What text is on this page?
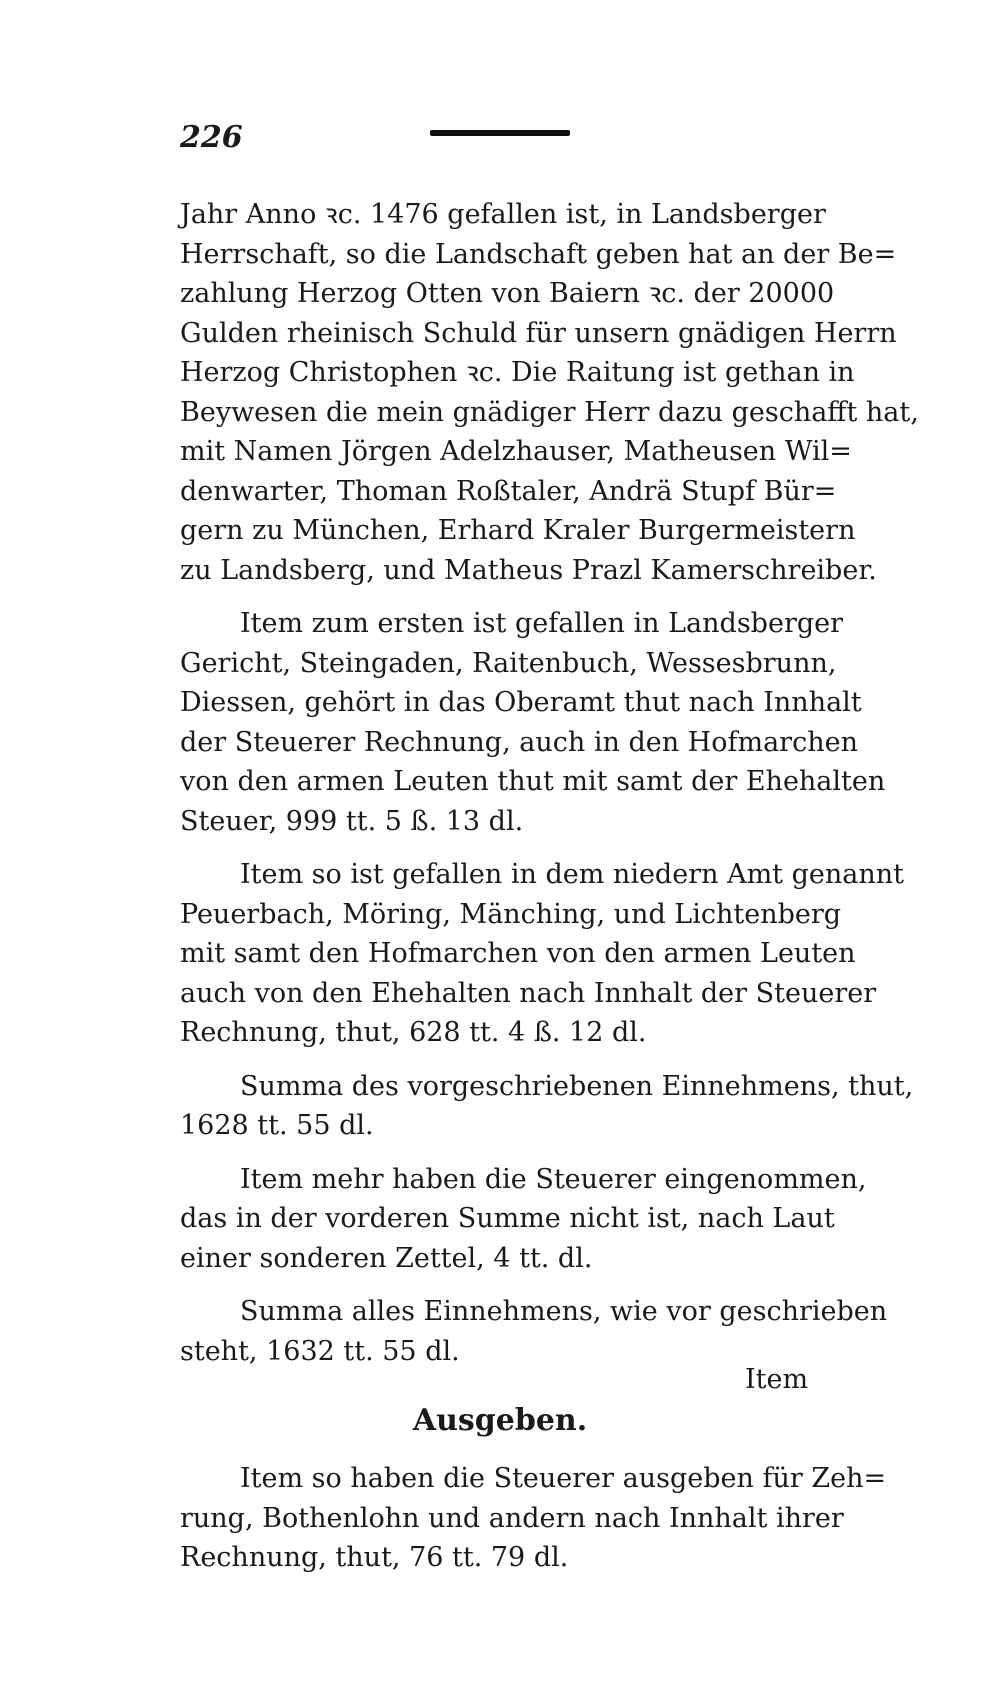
226

Jahr Anno ꝛc. 1476 gefallen ist, in Landsberger
Herrschaft, so die Landschaft geben hat an der Be=
zahlung Herzog Otten von Baiern ꝛc. der 20000
Gulden rheinisch Schuld für unsern gnädigen Herrn
Herzog Christophen ꝛc. Die Raitung ist gethan in
Beywesen die mein gnädiger Herr dazu geschafft hat,
mit Namen Jörgen Adelzhauser, Matheusen Wil=
denwarter, Thoman Roßtaler, Andrä Stupf Bür=
gern zu München, Erhard Kraler Burgermeistern
zu Landsberg, und Matheus Prazl Kamerschreiber.

Item zum ersten ist gefallen in Landsberger
Gericht, Steingaden, Raitenbuch, Wessesbrunn,
Diessen, gehört in das Oberamt thut nach Innhalt
der Steuerer Rechnung, auch in den Hofmarchen
von den armen Leuten thut mit samt der Ehehalten
Steuer, 999 tt. 5 ß. 13 dl.

Item so ist gefallen in dem niedern Amt genannt
Peuerbach, Möring, Mänching, und Lichtenberg
mit samt den Hofmarchen von den armen Leuten
auch von den Ehehalten nach Innhalt der Steuerer
Rechnung, thut, 628 tt. 4 ß. 12 dl.

Summa des vorgeschriebenen Einnehmens, thut,
1628 tt. 55 dl.

Item mehr haben die Steuerer eingenommen,
das in der vorderen Summe nicht ist, nach Laut
einer sonderen Zettel, 4 tt. dl.

Summa alles Einnehmens, wie vor geschrieben
steht, 1632 tt. 55 dl.

Ausgeben.

Item so haben die Steuerer ausgeben für Zeh=
rung, Bothenlohn und andern nach Innhalt ihrer
Rechnung, thut, 76 tt. 79 dl.

Item
